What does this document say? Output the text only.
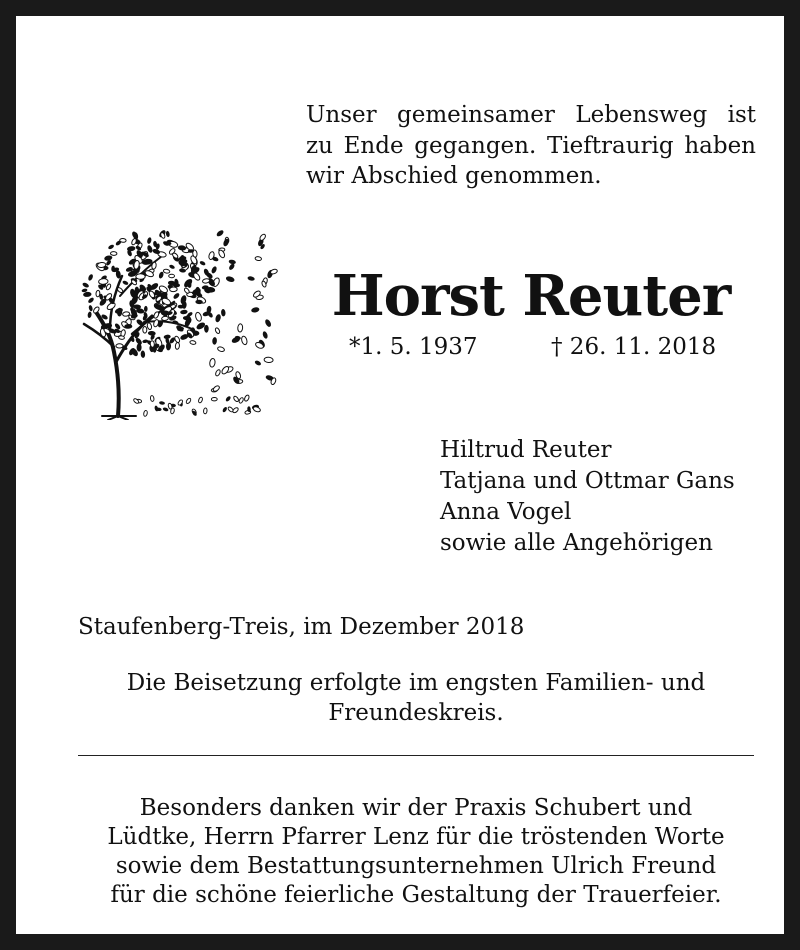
Unser gemeinsamer Lebensweg ist
zu Ende gegangen. Tieftraurig haben
wir Abschied genommen.
Horst Reuter
*1. 5. 1937	† 26. 11. 2018
Hiltrud Reuter
Tatjana und Ottmar Gans
Anna Vogel
sowie alle Angehörigen
Staufenberg-Treis, im Dezember 2018
Die Beisetzung erfolgte im engsten Familien- und
Freundeskreis.
Besonders danken wir der Praxis Schubert und
Lüdtke, Herrn Pfarrer Lenz für die tröstenden Worte
sowie dem Bestattungsunternehmen Ulrich Freund
für die schöne feierliche Gestaltung der Trauerfeier.
